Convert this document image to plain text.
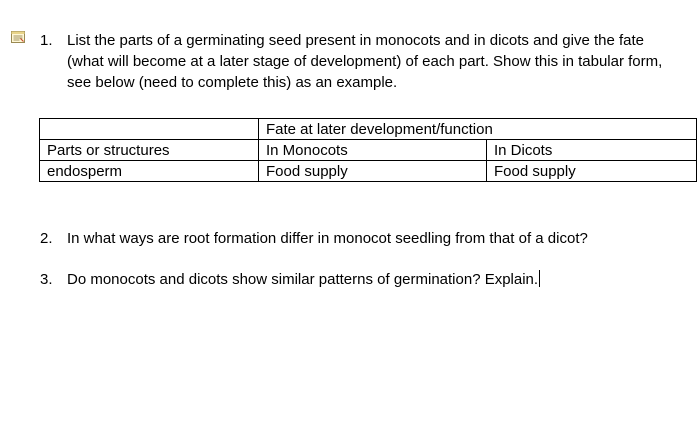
1. List the parts of a germinating seed present in monocots and in dicots and give the fate
(what will become at a later stage of development) of each part. Show this in tabular form,
see below (need to complete this) as an example.
	Fate at later development/function	
Parts or structures	In Monocots	In Dicots
endosperm	Food supply	Food supply
2. In what ways are root formation differ in monocot seedling from that of a dicot?
3. Do monocots and dicots show similar patterns of germination? Explain.
